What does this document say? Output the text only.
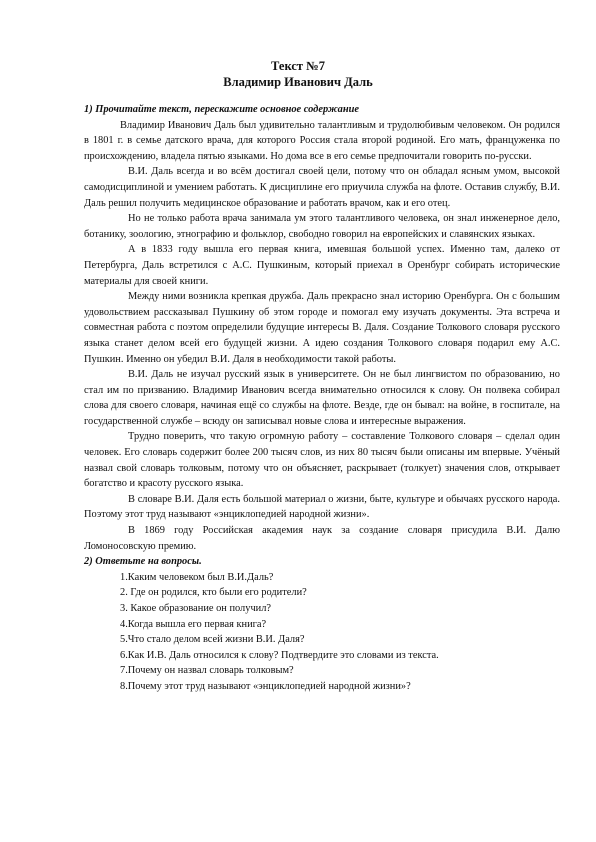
Текст №7
Владимир Иванович Даль

1) Прочитайте текст, перескажите основное содержание

Владимир Иванович Даль был удивительно талантливым и трудолюбивым человеком. Он родился в 1801 г. в семье датского врача, для которого Россия стала второй родиной. Его мать, француженка по происхождению, владела пятью языками. Но дома все в его семье предпочитали говорить по-русски.

В.И. Даль всегда и во всём достигал своей цели, потому что он обладал ясным умом, высокой самодисциплиной и умением работать. К дисциплине его приучила служба на флоте. Оставив службу, В.И. Даль решил получить медицинское образование и работать врачом, как и его отец.

Но не только работа врача занимала ум этого талантливого человека, он знал инженерное дело, ботанику, зоологию, этнографию и фольклор, свободно говорил на европейских и славянских языках.

А в 1833 году вышла его первая книга, имевшая большой успех. Именно там, далеко от Петербурга, Даль встретился с А.С. Пушкиным, который приехал в Оренбург собирать исторические материалы для своей книги.

Между ними возникла крепкая дружба. Даль прекрасно знал историю Оренбурга. Он с большим удовольствием рассказывал Пушкину об этом городе и помогал ему изучать документы. Эта встреча и совместная работа с поэтом определили будущие интересы В. Даля. Создание Толкового словаря русского языка станет делом всей его будущей жизни. А идею создания Толкового словаря подарил ему А.С. Пушкин. Именно он убедил В.И. Даля в необходимости такой работы.

В.И. Даль не изучал русский язык в университете. Он не был лингвистом по образованию, но стал им по призванию. Владимир Иванович всегда внимательно относился к слову. Он полвека собирал слова для своего словаря, начиная ещё со службы на флоте. Везде, где он бывал: на войне, в госпитале, на государственной службе – всюду он записывал новые слова и интересные выражения.

Трудно поверить, что такую огромную работу – составление Толкового словаря – сделал один человек. Его словарь содержит более 200 тысяч слов, из них 80 тысяч были описаны им впервые. Учёный назвал свой словарь толковым, потому что он объясняет, раскрывает (толкует) значения слов, открывает богатство и красоту русского языка.

В словаре В.И. Даля есть большой материал о жизни, быте, культуре и обычаях русского народа. Поэтому этот труд называют «энциклопедией народной жизни».

В 1869 году Российская академия наук за создание словаря присудила В.И. Далю Ломоносовскую премию.

2) Ответьте на вопросы.

1.Каким человеком был В.И.Даль?
2. Где он родился, кто были его родители?
3. Какое образование он получил?
4.Когда вышла его первая книга?
5.Что стало делом всей жизни В.И. Даля?
6.Как И.В. Даль относился к слову? Подтвердите это словами из текста.
7.Почему он назвал словарь толковым?
8.Почему этот труд называют «энциклопедией народной жизни»?
